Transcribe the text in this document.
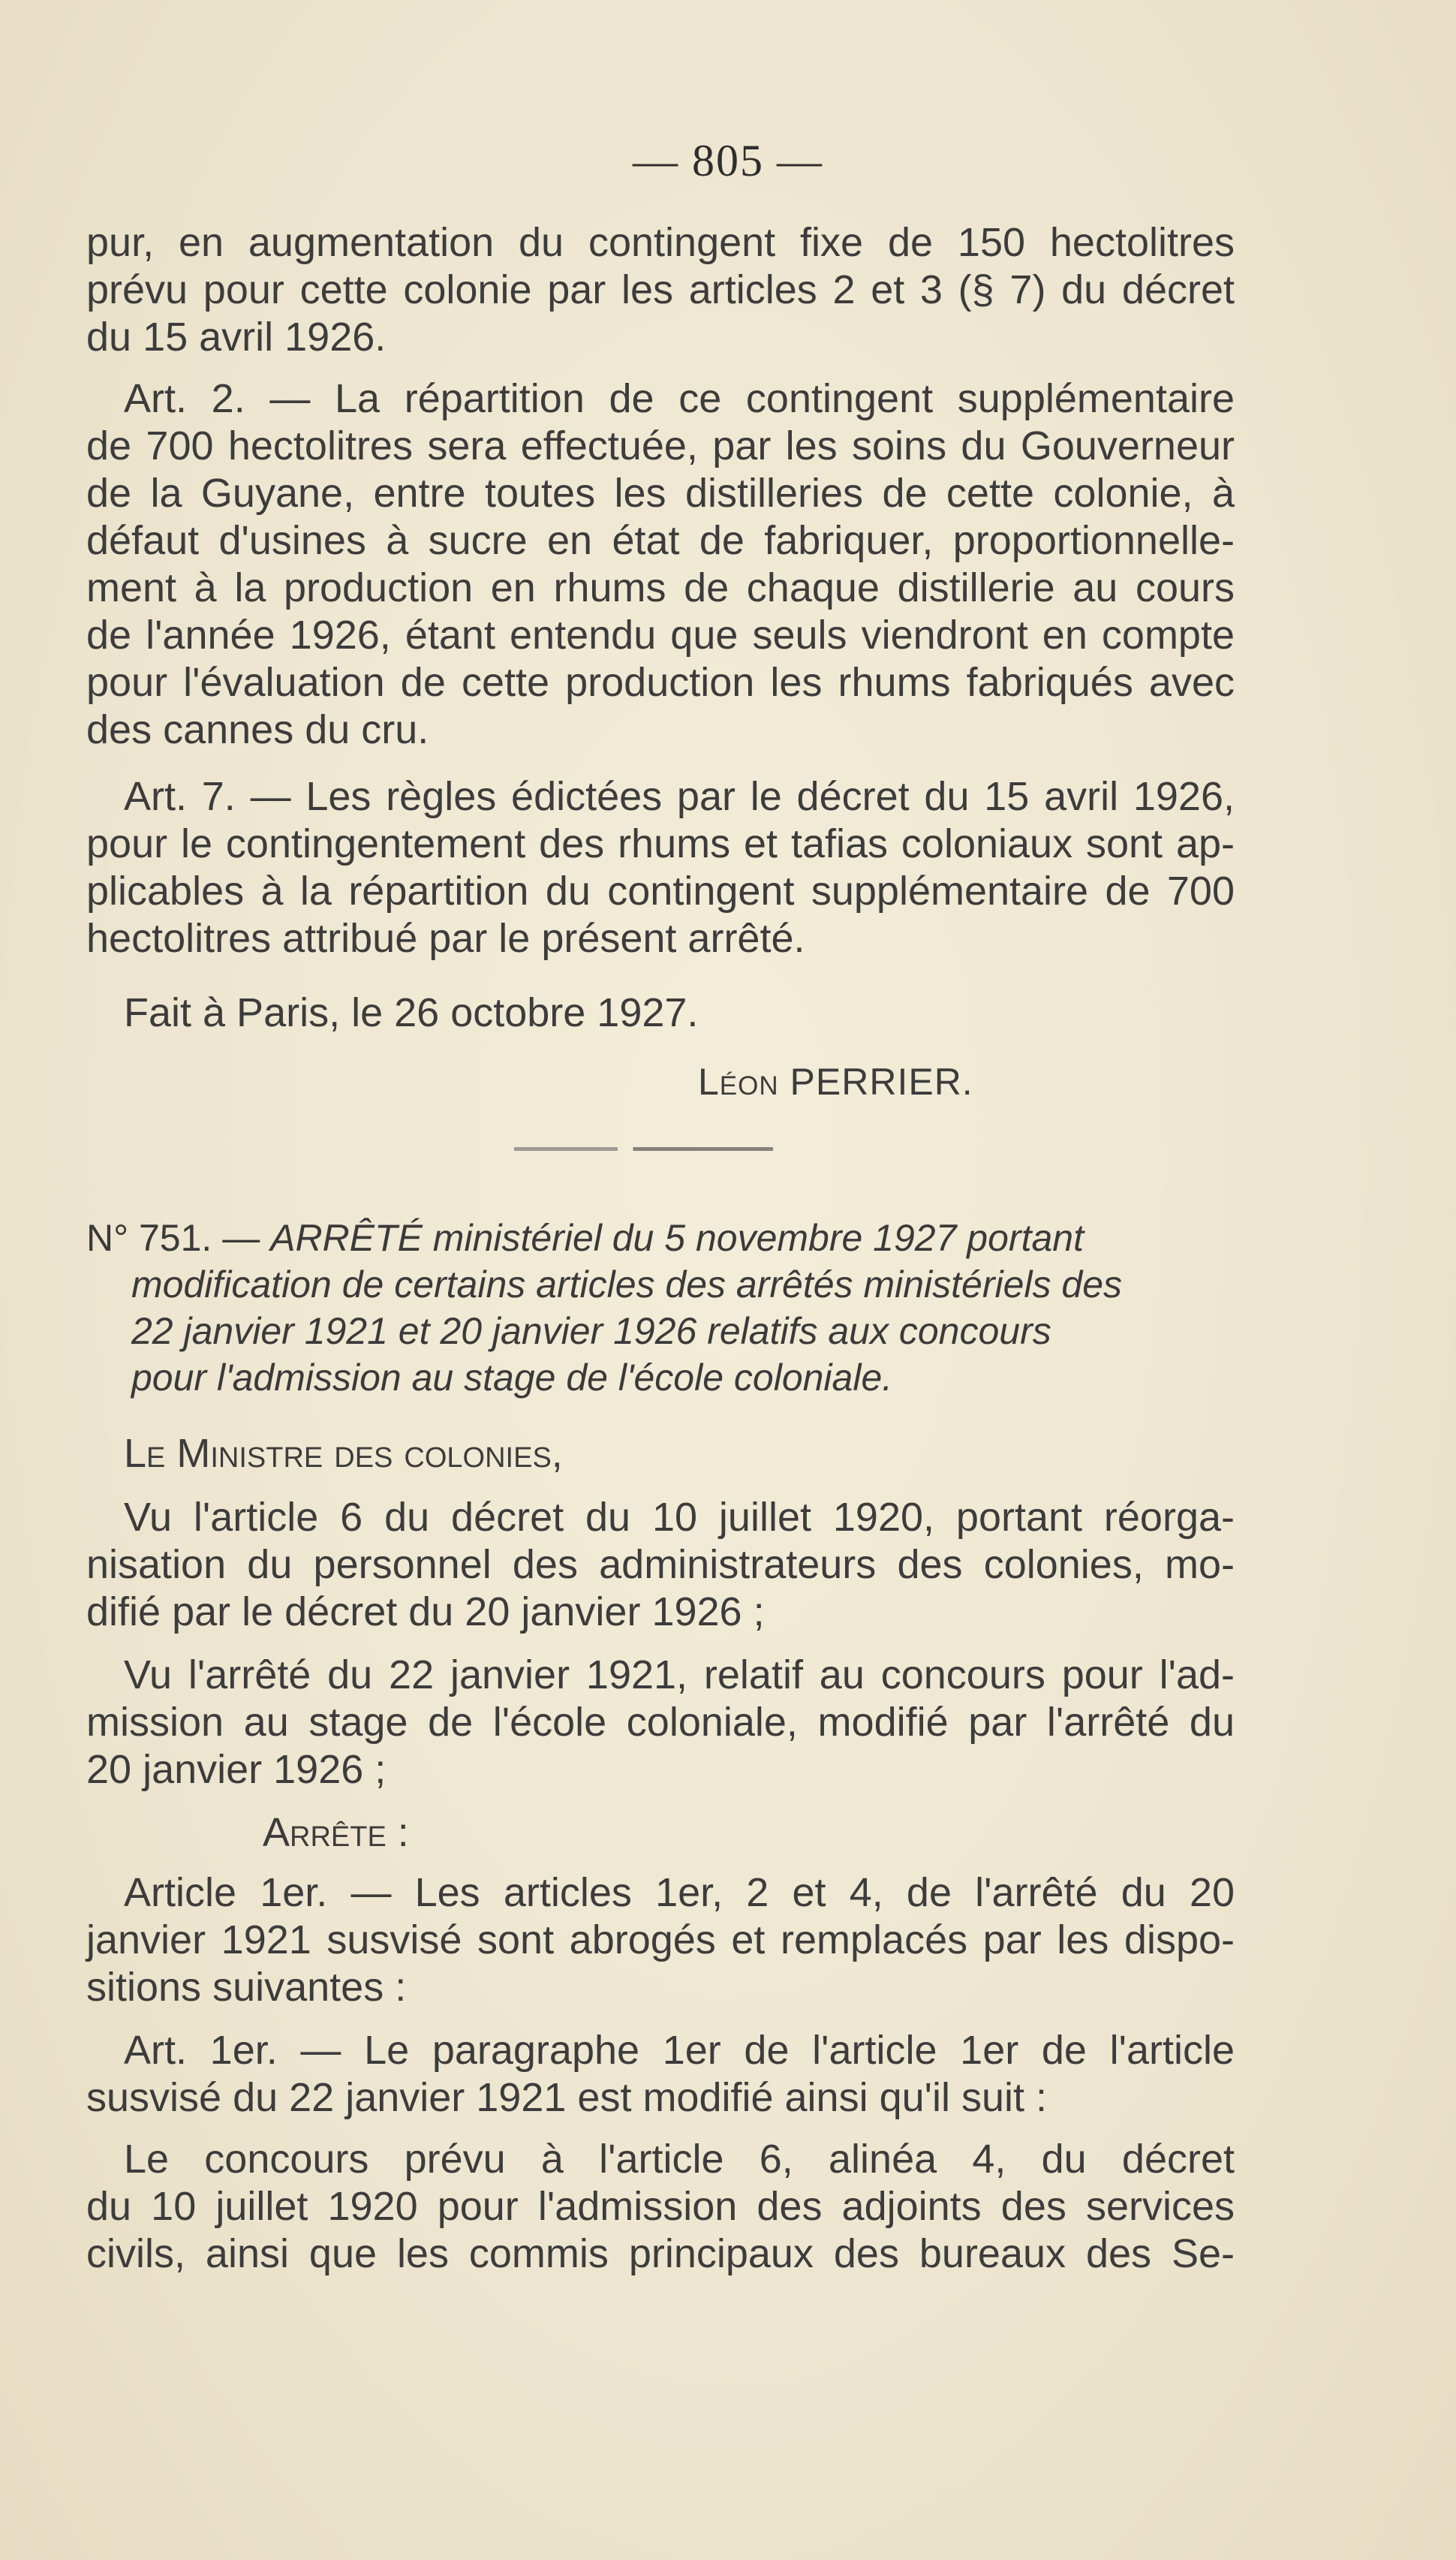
— 805 —
pur, en augmentation du contingent fixe de 150 hectolitres
prévu pour cette colonie par les articles 2 et 3 (§ 7) du décret
du 15 avril 1926.
Art. 2. — La répartition de ce contingent supplémentaire
de 700 hectolitres sera effectuée, par les soins du Gouverneur
de la Guyane, entre toutes les distilleries de cette colonie, à
défaut d'usines à sucre en état de fabriquer, proportionnelle-
ment à la production en rhums de chaque distillerie au cours
de l'année 1926, étant entendu que seuls viendront en compte
pour l'évaluation de cette production les rhums fabriqués avec
des cannes du cru.
Art. 7. — Les règles édictées par le décret du 15 avril 1926,
pour le contingentement des rhums et tafias coloniaux sont ap-
plicables à la répartition du contingent supplémentaire de 700
hectolitres attribué par le présent arrêté.
Fait à Paris, le 26 octobre 1927.
Léon PERRIER.
N° 751. — ARRÊTÉ ministériel du 5 novembre 1927 portant
modification de certains articles des arrêtés ministériels des
22 janvier 1921 et 20 janvier 1926 relatifs aux concours
pour l'admission au stage de l'école coloniale.
Le Ministre des colonies,
Vu l'article 6 du décret du 10 juillet 1920, portant réorga-
nisation du personnel des administrateurs des colonies, mo-
difié par le décret du 20 janvier 1926 ;
Vu l'arrêté du 22 janvier 1921, relatif au concours pour l'ad-
mission au stage de l'école coloniale, modifié par l'arrêté du
20 janvier 1926 ;
Arrête :
Article 1er. — Les articles 1er, 2 et 4, de l'arrêté du 20
janvier 1921 susvisé sont abrogés et remplacés par les dispo-
sitions suivantes :
Art. 1er. — Le paragraphe 1er de l'article 1er de l'article
susvisé du 22 janvier 1921 est modifié ainsi qu'il suit :
Le concours prévu à l'article 6, alinéa 4, du décret
du 10 juillet 1920 pour l'admission des adjoints des services
civils, ainsi que les commis principaux des bureaux des Se-
